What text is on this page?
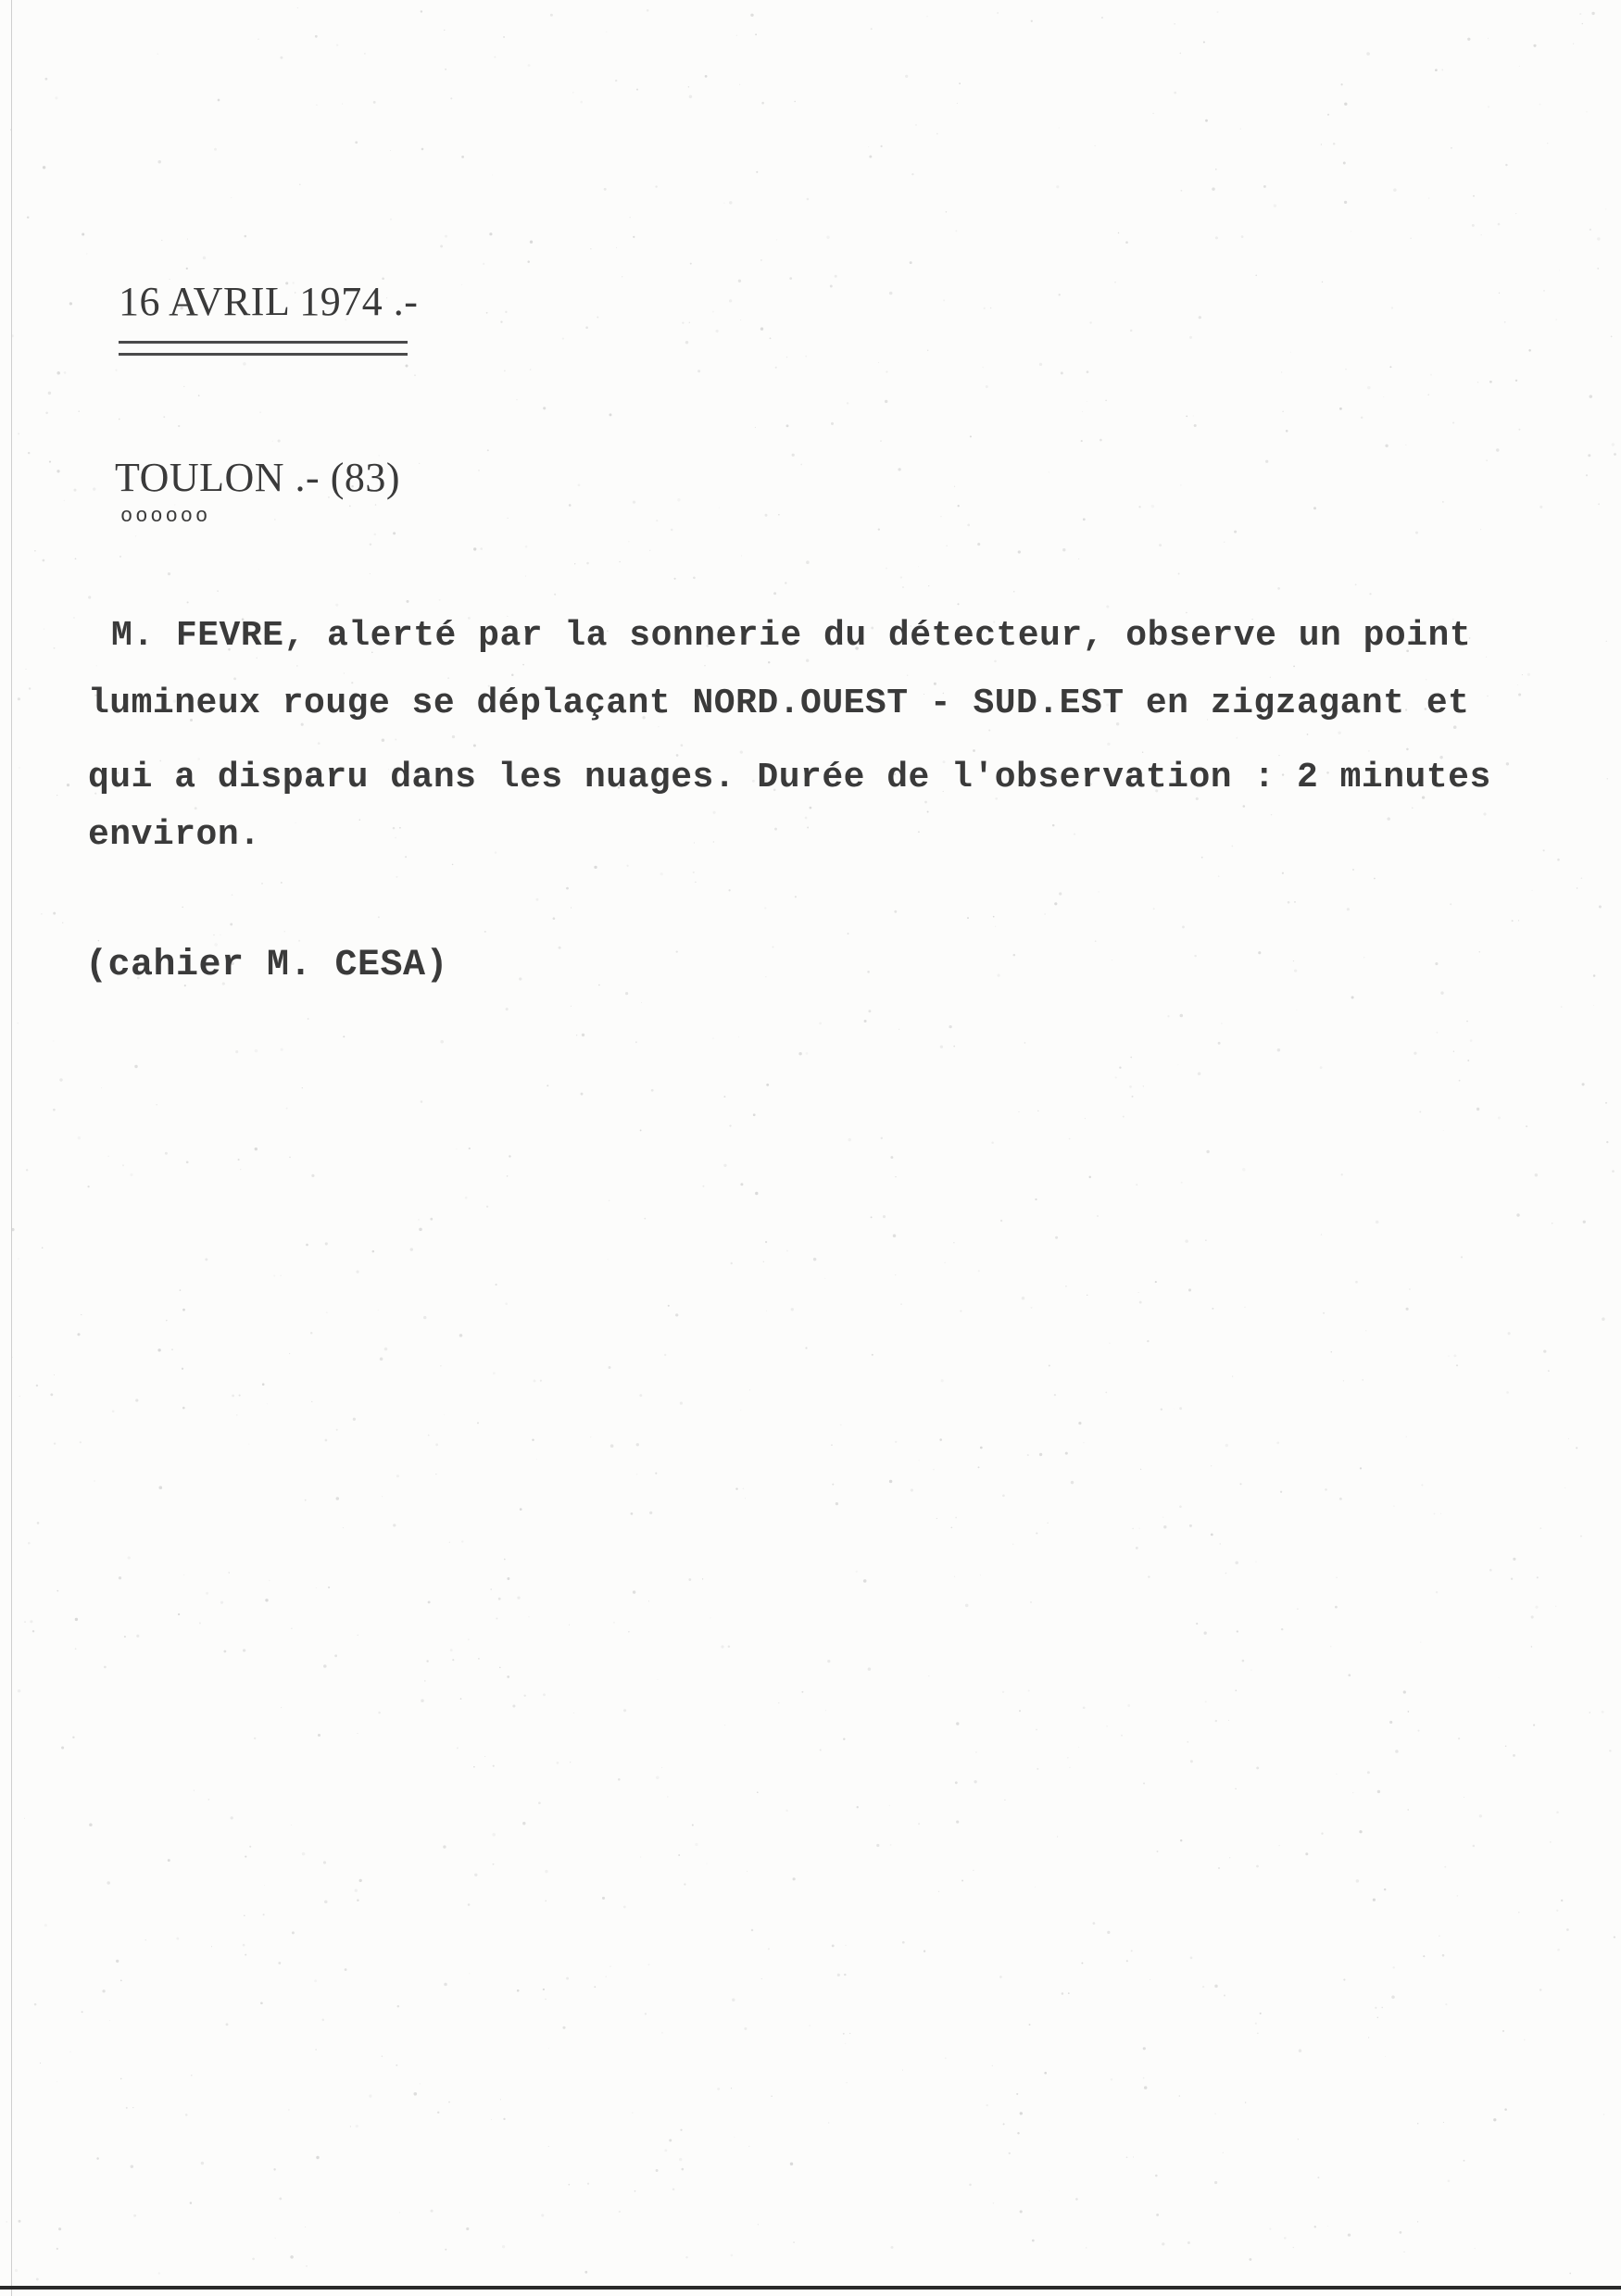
16 AVRIL 1974 .-
TOULON .- (83)
oooooo
M. FEVRE, alerté par la sonnerie du détecteur, observe un point
lumineux rouge se déplaçant NORD.OUEST - SUD.EST en zigzagant et
qui a disparu dans les nuages. Durée de l'observation : 2 minutes
environ.
(cahier M. CESA)
